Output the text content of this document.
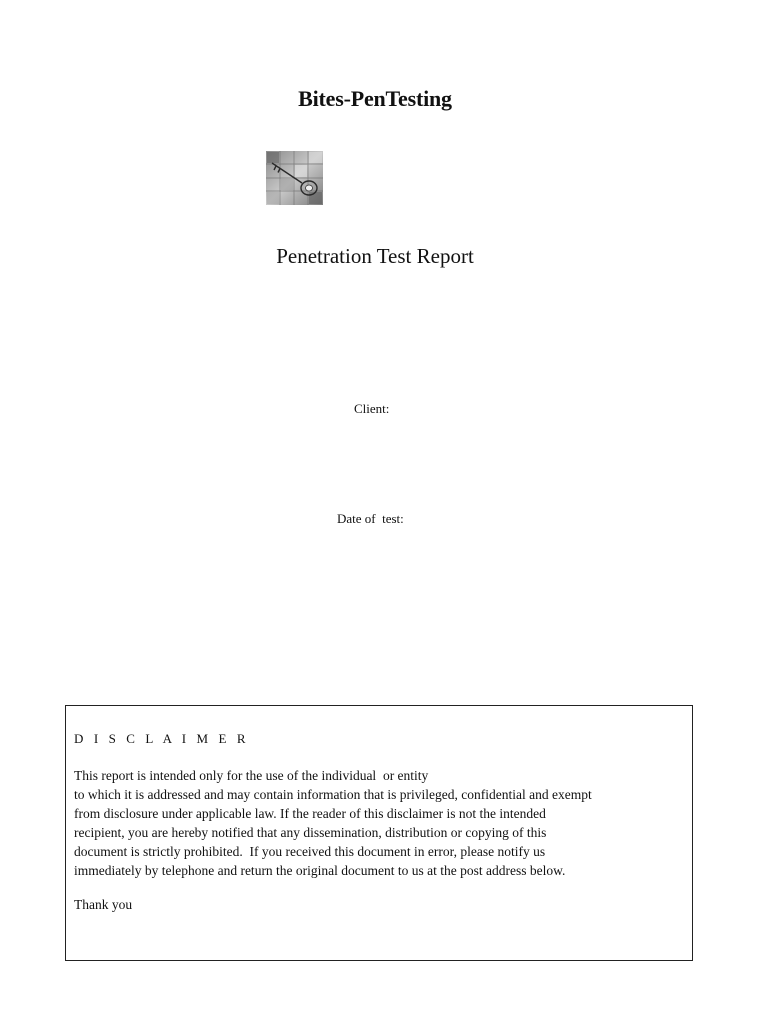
Bites-PenTesting
Penetration Test Report
Client:
Date of  test:
D I S C L A I M E R
This report is intended only for the use of the individual  or entity
to which it is addressed and may contain information that is privileged, confidential and exempt
from disclosure under applicable law. If the reader of this disclaimer is not the intended
recipient, you are hereby notified that any dissemination, distribution or copying of this
document is strictly prohibited.  If you received this document in error, please notify us
immediately by telephone and return the original document to us at the post address below.
Thank you
